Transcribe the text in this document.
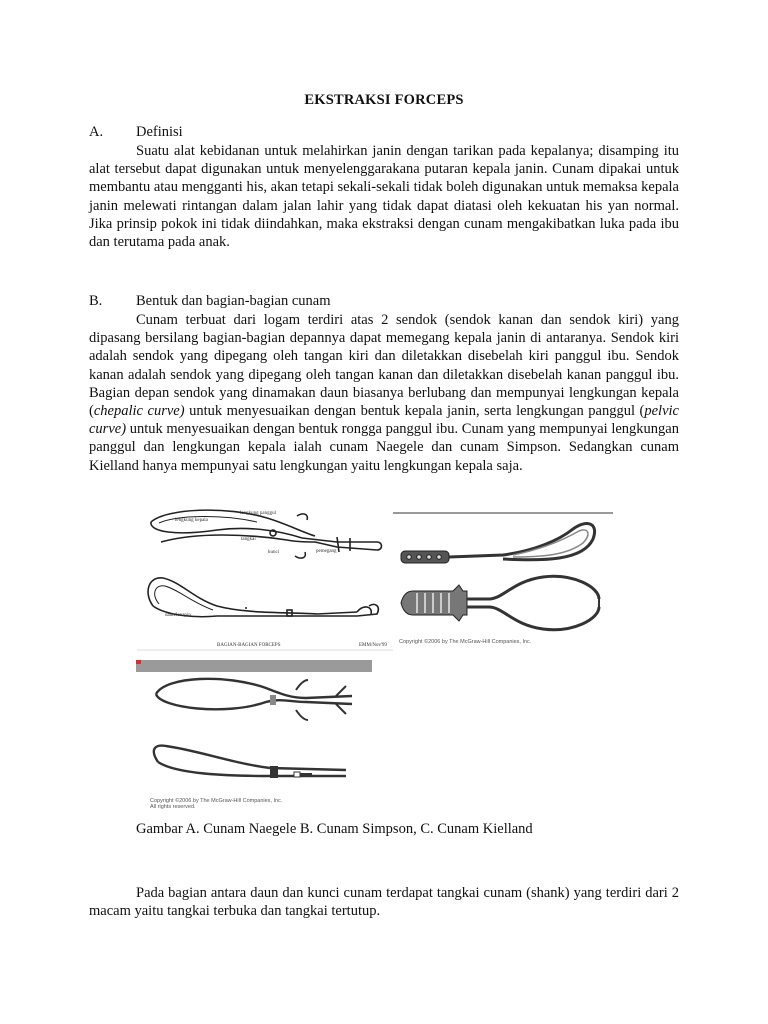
EKSTRAKSI FORCEPS
A. Definisi

Suatu alat kebidanan untuk melahirkan janin dengan tarikan pada kepalanya; disamping itu alat tersebut dapat digunakan untuk menyelenggarakana putaran kepala janin. Cunam dipakai untuk membantu atau mengganti his, akan tetapi sekali-sekali tidak boleh digunakan untuk memaksa kepala janin melewati rintangan dalam jalan lahir yang tidak dapat diatasi oleh kekuatan his yan normal. Jika prinsip pokok ini tidak diindahkan, maka ekstraksi dengan cunam mengakibatkan luka pada ibu dan terutama pada anak.

B. Bentuk dan bagian-bagian cunam

Cunam terbuat dari logam terdiri atas 2 sendok (sendok kanan dan sendok kiri) yang dipasang bersilang bagian-bagian depannya dapat memegang kepala janin di antaranya. Sendok kiri adalah sendok yang dipegang oleh tangan kiri dan diletakkan disebelah kiri panggul ibu. Sendok kanan adalah sendok yang dipegang oleh tangan kanan dan diletakkan disebelah kanan panggul ibu. Bagian depan sendok yang dinamakan daun biasanya berlubang dan mempunyai lengkungan kepala (chepalic curve) untuk menyesuaikan dengan bentuk kepala janin, serta lengkungan panggul (pelvic curve) untuk menyesuaikan dengan bentuk rongga panggul ibu. Cunam yang mempunyai lengkungan panggul dan lengkungan kepala ialah cunam Naegele dan cunam Simpson. Sedangkan cunam Kielland hanya mempunyai satu lengkungan yaitu lengkungan kepala saja.

lengkung panggul
lengkung kepala
tangkai
kunci	pemegang
daun/lenapin
BAGIAN-BAGIAN FORCEPS	EMM/Nov'99
Copyright ©2006 by The McGraw-Hill Companies, Inc.
Copyright ©2006 by The McGraw-Hill Companies, Inc.
All rights reserved.
Gambar A. Cunam Naegele B. Cunam Simpson, C. Cunam Kielland

Pada bagian antara daun dan kunci cunam terdapat tangkai cunam (shank) yang terdiri dari 2 macam yaitu tangkai terbuka dan tangkai tertutup.
